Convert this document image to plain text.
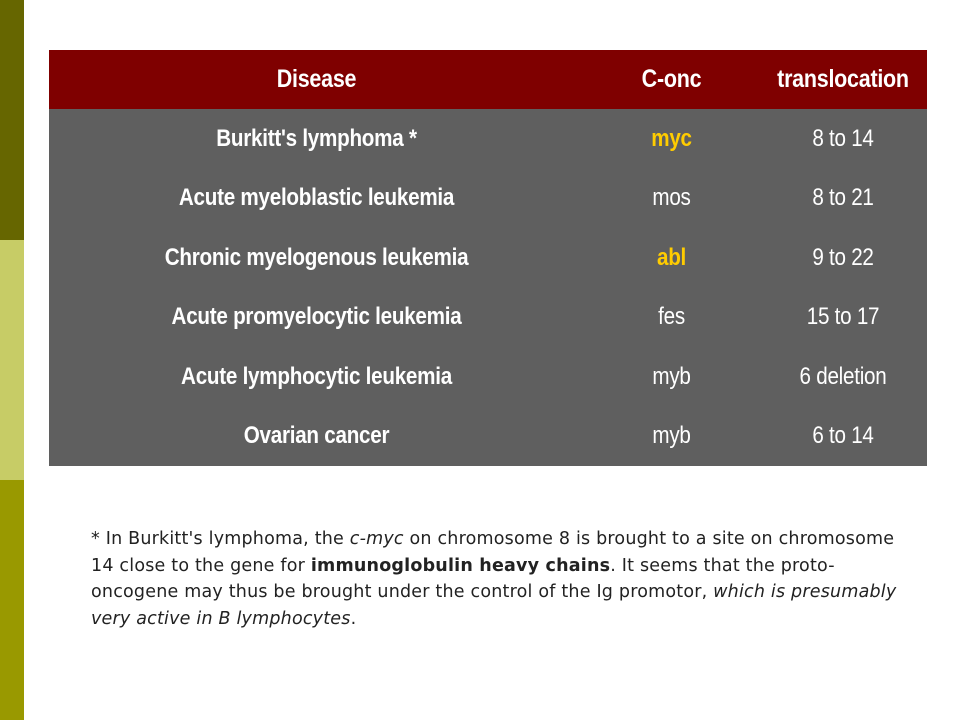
Disease	C-onc	translocation
Burkitt's lymphoma *	myc	8 to 14
Acute myeloblastic leukemia	mos	8 to 21
Chronic myelogenous leukemia	abl	9 to 22
Acute promyelocytic leukemia	fes	15 to 17
Acute lymphocytic leukemia	myb	6 deletion
Ovarian cancer	myb	6 to 14
* In Burkitt's lymphoma, the c-myc on chromosome 8 is brought to a site on chromosome 14 close to the gene for immunoglobulin heavy chains. It seems that the proto-oncogene may thus be brought under the control of the Ig promotor, which is presumably very active in B lymphocytes.
